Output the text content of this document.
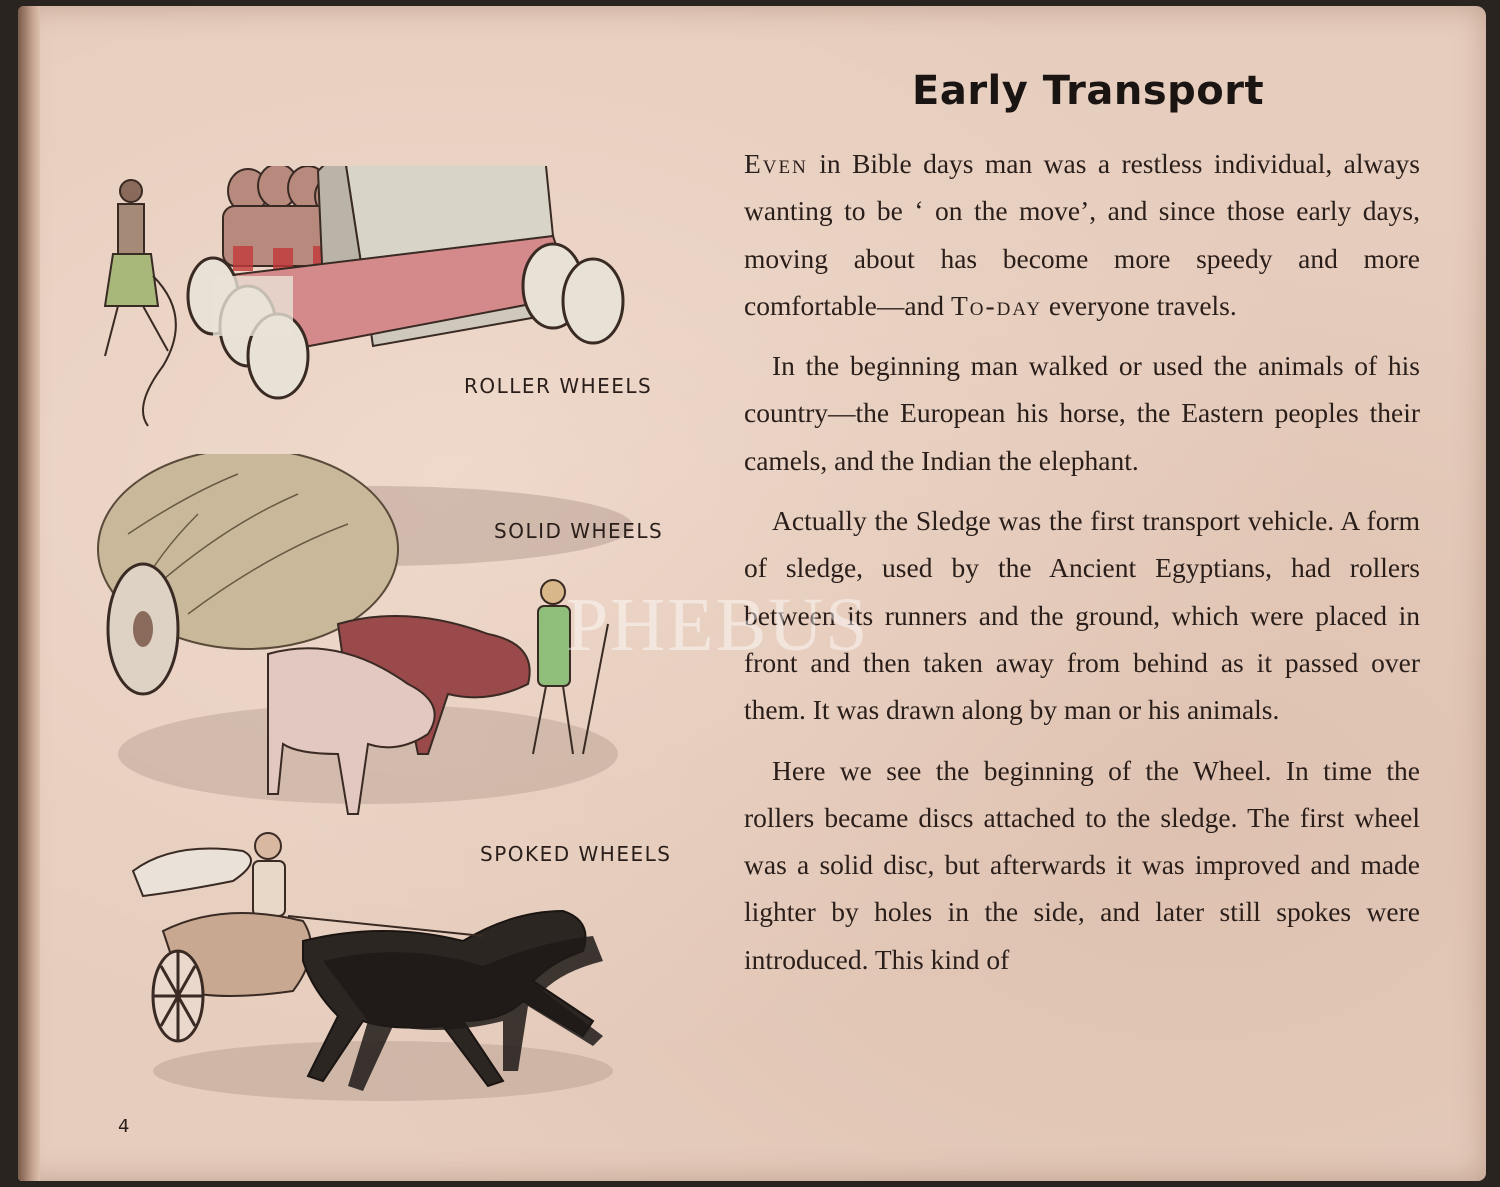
ROLLER WHEELS
SOLID WHEELS
SPOKED WHEELS
Early Transport

Even in Bible days man was a restless individual, always wanting to be ‘ on the move’, and since those early days, moving about has become more speedy and more comfortable—and To-day everyone travels.

In the beginning man walked or used the animals of his country—the European his horse, the Eastern peoples their camels, and the Indian the elephant.

Actually the Sledge was the first transport vehicle. A form of sledge, used by the Ancient Egyptians, had rollers between its runners and the ground, which were placed in front and then taken away from behind as it passed over them. It was drawn along by man or his animals.

Here we see the beginning of the Wheel. In time the rollers became discs attached to the sledge. The first wheel was a solid disc, but afterwards it was improved and made lighter by holes in the side, and later still spokes were introduced. This kind of

PHEBUS
4
